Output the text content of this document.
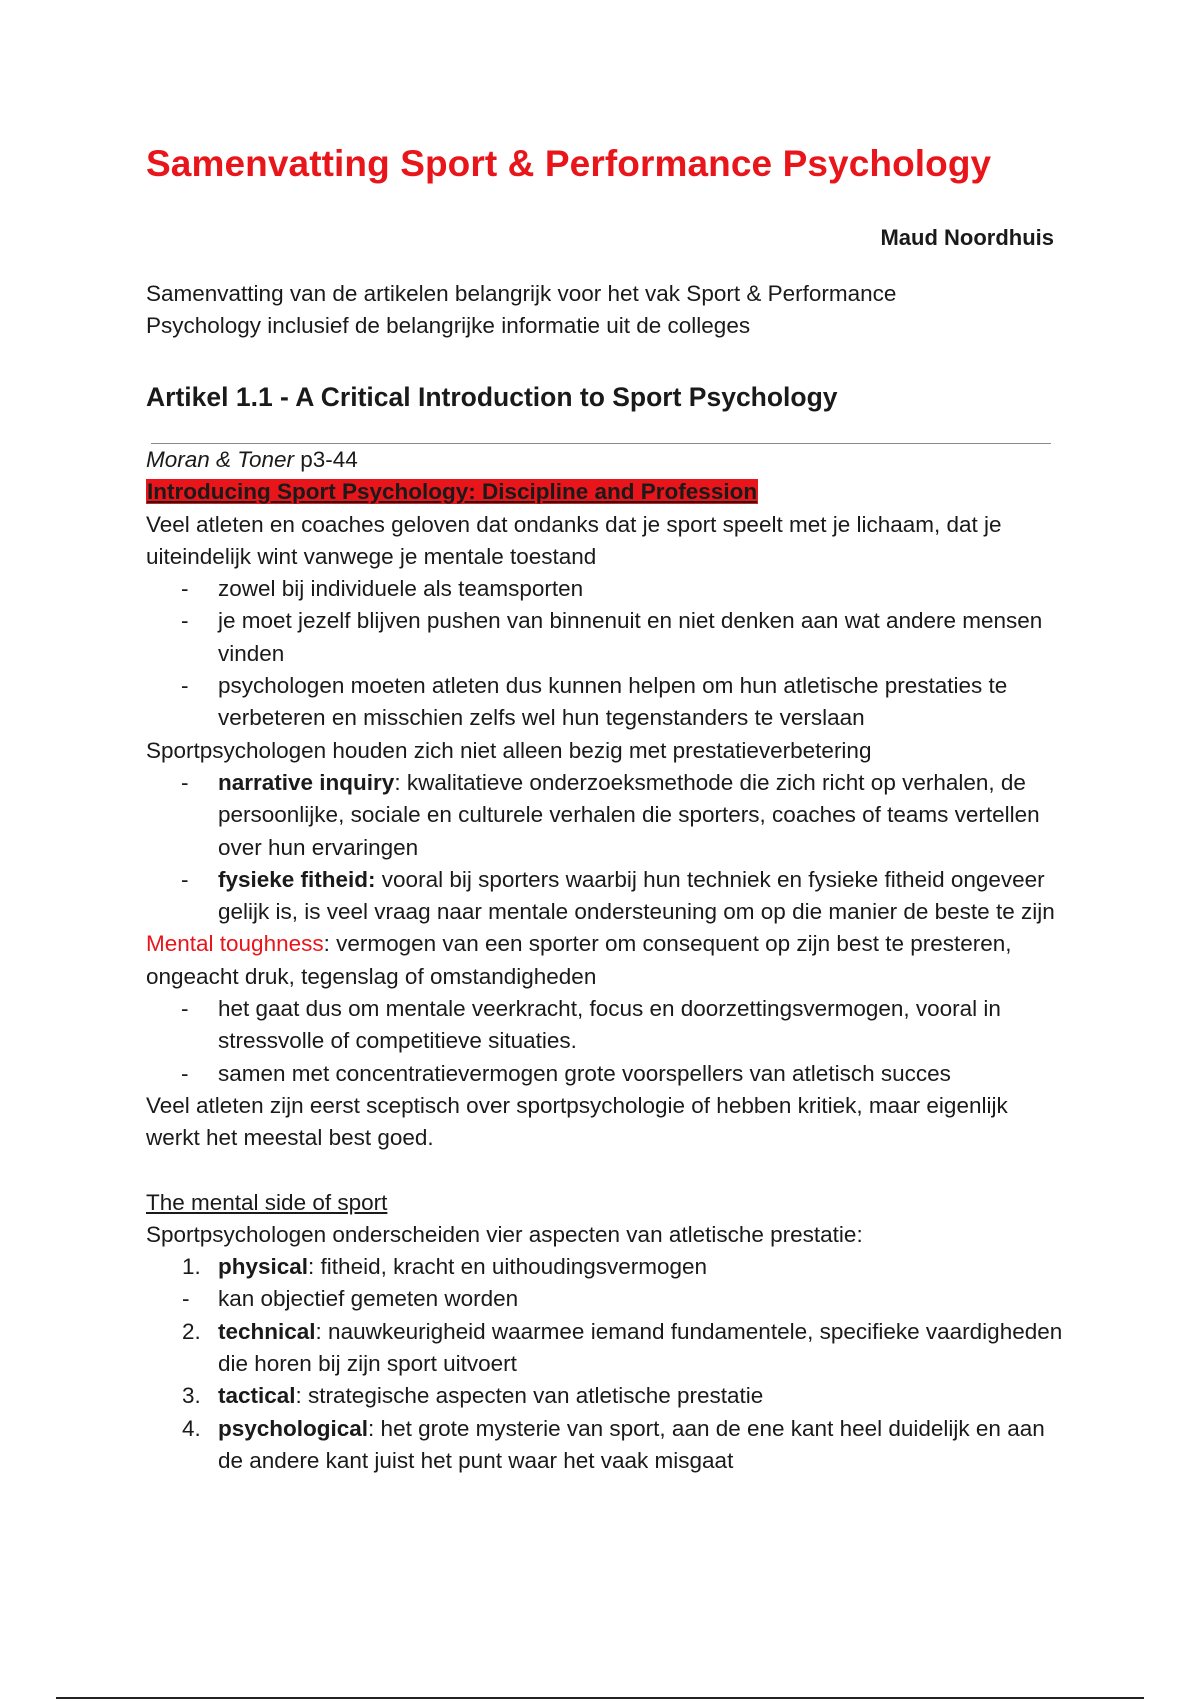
Samenvatting Sport & Performance Psychology
Maud Noordhuis
Samenvatting van de artikelen belangrijk voor het vak Sport & Performance Psychology inclusief de belangrijke informatie uit de colleges
Artikel 1.1 - A Critical Introduction to Sport Psychology

Moran & Toner p3-44

Introducing Sport Psychology: Discipline and Profession

Veel atleten en coaches geloven dat ondanks dat je sport speelt met je lichaam, dat je uiteindelijk wint vanwege je mentale toestand

- zowel bij individuele als teamsporten
- je moet jezelf blijven pushen van binnenuit en niet denken aan wat andere mensen vinden
- psychologen moeten atleten dus kunnen helpen om hun atletische prestaties te verbeteren en misschien zelfs wel hun tegenstanders te verslaan

Sportpsychologen houden zich niet alleen bezig met prestatieverbetering

- narrative inquiry: kwalitatieve onderzoeksmethode die zich richt op verhalen, de persoonlijke, sociale en culturele verhalen die sporters, coaches of teams vertellen over hun ervaringen
- fysieke fitheid: vooral bij sporters waarbij hun techniek en fysieke fitheid ongeveer gelijk is, is veel vraag naar mentale ondersteuning om op die manier de beste te zijn

Mental toughness: vermogen van een sporter om consequent op zijn best te presteren, ongeacht druk, tegenslag of omstandigheden

- het gaat dus om mentale veerkracht, focus en doorzettingsvermogen, vooral in stressvolle of competitieve situaties.
- samen met concentratievermogen grote voorspellers van atletisch succes

Veel atleten zijn eerst sceptisch over sportpsychologie of hebben kritiek, maar eigenlijk werkt het meestal best goed.

The mental side of sport

Sportpsychologen onderscheiden vier aspecten van atletische prestatie:

1. physical: fitheid, kracht en uithoudingsvermogen
- kan objectief gemeten worden
2. technical: nauwkeurigheid waarmee iemand fundamentele, specifieke vaardigheden die horen bij zijn sport uitvoert
3. tactical: strategische aspecten van atletische prestatie
4. psychological: het grote mysterie van sport, aan de ene kant heel duidelijk en aan de andere kant juist het punt waar het vaak misgaat
